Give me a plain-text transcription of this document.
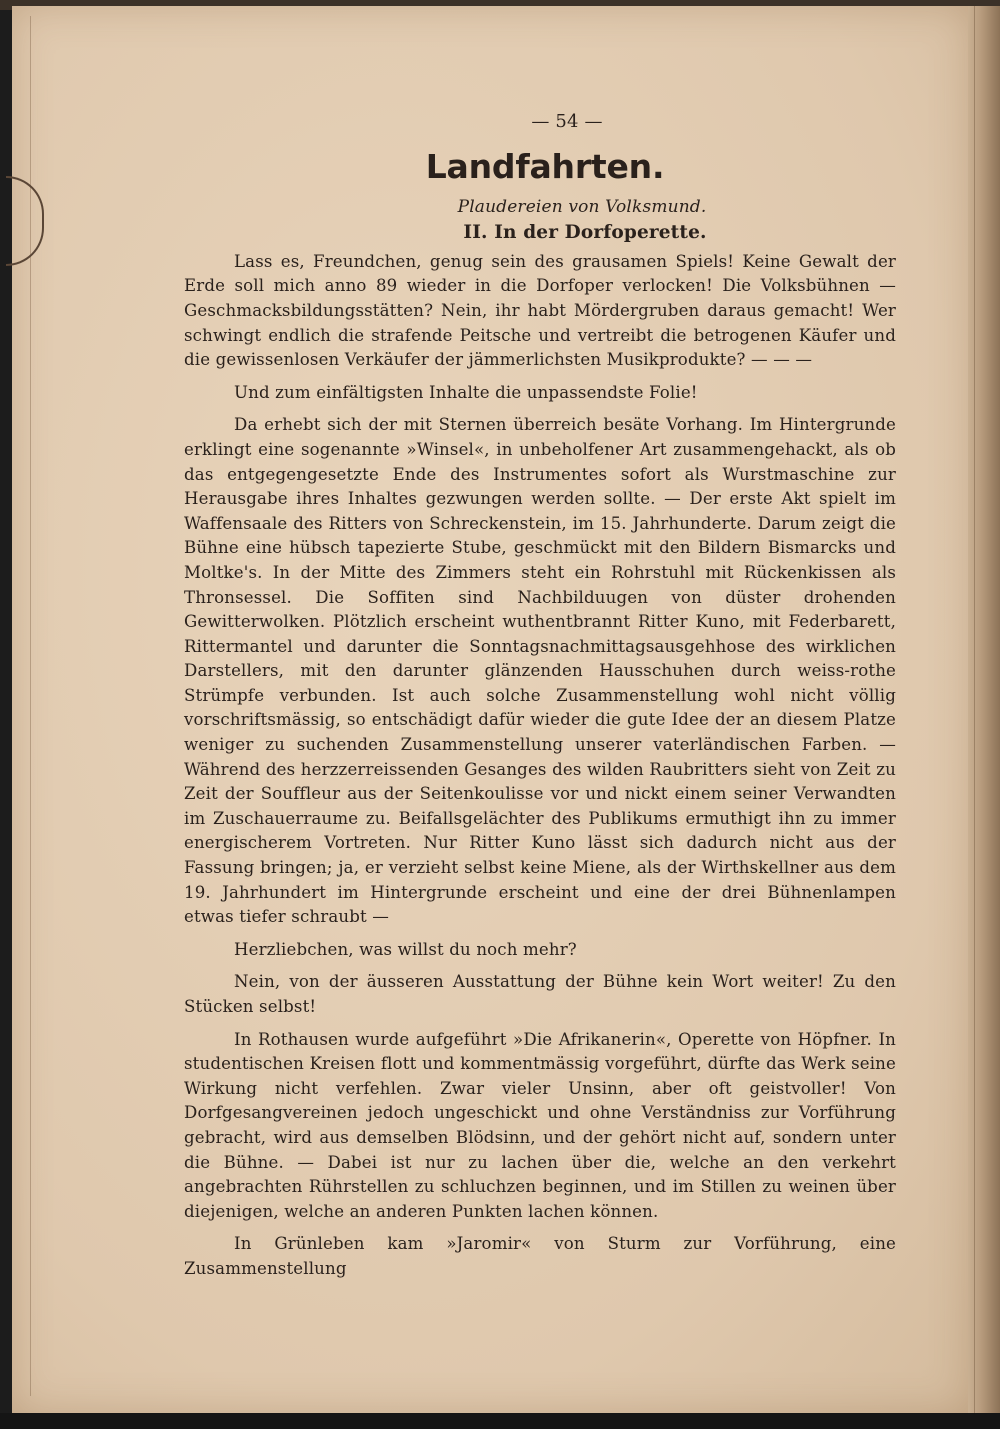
— 54 —

Landfahrten.

Plaudereien von Volksmund.

II. In der Dorfoperette.

Lass es, Freundchen, genug sein des grausamen Spiels! Keine Gewalt der Erde soll mich anno 89 wieder in die Dorfoper verlocken! Die Volksbühnen — Geschmacksbildungsstätten? Nein, ihr habt Mördergruben daraus gemacht! Wer schwingt endlich die strafende Peitsche und vertreibt die betrogenen Käufer und die gewissenlosen Verkäufer der jämmerlichsten Musikprodukte? — — —

Und zum einfältigsten Inhalte die unpassendste Folie!

Da erhebt sich der mit Sternen überreich besäte Vorhang. Im Hintergrunde erklingt eine sogenannte »Winsel«, in unbeholfener Art zusammengehackt, als ob das entgegengesetzte Ende des Instrumentes sofort als Wurstmaschine zur Herausgabe ihres Inhaltes gezwungen werden sollte. — Der erste Akt spielt im Waffensaale des Ritters von Schreckenstein, im 15. Jahrhunderte. Darum zeigt die Bühne eine hübsch tapezierte Stube, geschmückt mit den Bildern Bismarcks und Moltke's. In der Mitte des Zimmers steht ein Rohrstuhl mit Rückenkissen als Thronsessel. Die Soffiten sind Nachbilduugen von düster drohenden Gewitterwolken. Plötzlich erscheint wuthentbrannt Ritter Kuno, mit Federbarett, Rittermantel und darunter die Sonntagsnachmittagsausgehhose des wirklichen Darstellers, mit den darunter glänzenden Hausschuhen durch weiss-rothe Strümpfe verbunden. Ist auch solche Zusammenstellung wohl nicht völlig vorschriftsmässig, so entschädigt dafür wieder die gute Idee der an diesem Platze weniger zu suchenden Zusammenstellung unserer vaterländischen Farben. — Während des herzzerreissenden Gesanges des wilden Raubritters sieht von Zeit zu Zeit der Souffleur aus der Seitenkoulisse vor und nickt einem seiner Verwandten im Zuschauerraume zu. Beifallsgelächter des Publikums ermuthigt ihn zu immer energischerem Vortreten. Nur Ritter Kuno lässt sich dadurch nicht aus der Fassung bringen; ja, er verzieht selbst keine Miene, als der Wirthskellner aus dem 19. Jahrhundert im Hintergrunde erscheint und eine der drei Bühnenlampen etwas tiefer schraubt —

Herzliebchen, was willst du noch mehr?

Nein, von der äusseren Ausstattung der Bühne kein Wort weiter! Zu den Stücken selbst!

In Rothausen wurde aufgeführt »Die Afrikanerin«, Operette von Höpfner. In studentischen Kreisen flott und kommentmässig vorgeführt, dürfte das Werk seine Wirkung nicht verfehlen. Zwar vieler Unsinn, aber oft geistvoller! Von Dorfgesangvereinen jedoch ungeschickt und ohne Verständniss zur Vorführung gebracht, wird aus demselben Blödsinn, und der gehört nicht auf, sondern unter die Bühne. — Dabei ist nur zu lachen über die, welche an den verkehrt angebrachten Rührstellen zu schluchzen beginnen, und im Stillen zu weinen über diejenigen, welche an anderen Punkten lachen können.

In Grünleben kam »Jaromir« von Sturm zur Vorführung, eine Zusammenstellung
